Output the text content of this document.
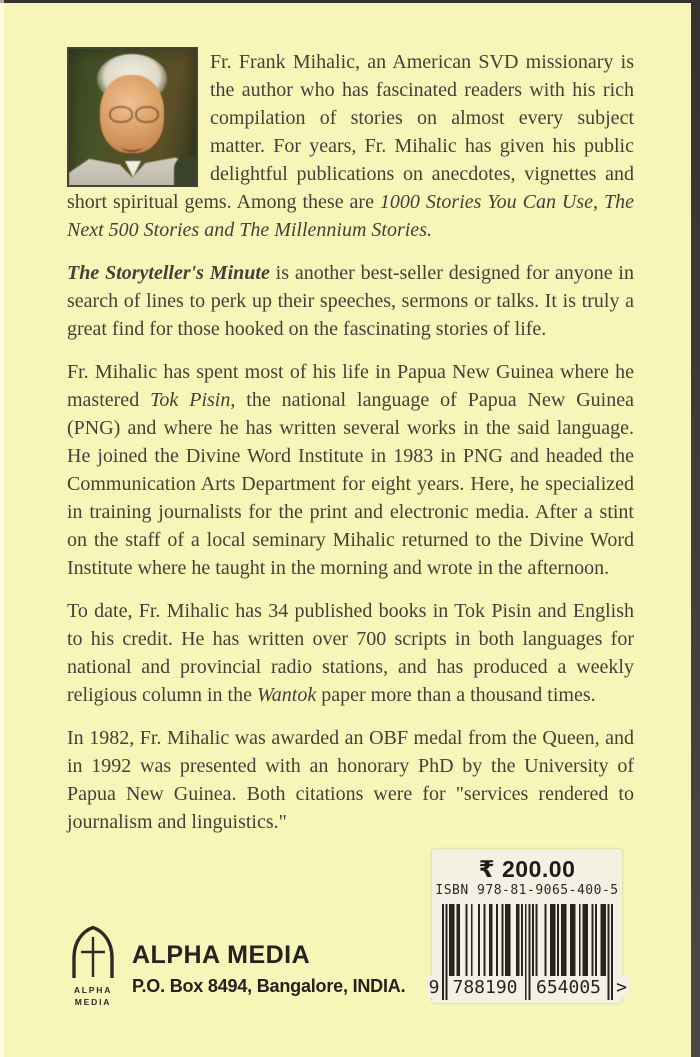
Fr. Frank Mihalic, an American SVD missionary is the author who has fascinated readers with his rich compilation of stories on almost every subject matter. For years, Fr. Mihalic has given his public delightful publications on anecdotes, vignettes and short spiritual gems. Among these are 1000 Stories You Can Use, The Next 500 Stories and The Millennium Stories.

The Storyteller's Minute is another best-seller designed for anyone in search of lines to perk up their speeches, sermons or talks. It is truly a great find for those hooked on the fascinating stories of life.

Fr. Mihalic has spent most of his life in Papua New Guinea where he mastered Tok Pisin, the national language of Papua New Guinea (PNG) and where he has written several works in the said language. He joined the Divine Word Institute in 1983 in PNG and headed the Communication Arts Department for eight years. Here, he specialized in training journalists for the print and electronic media. After a stint on the staff of a local seminary Mihalic returned to the Divine Word Institute where he taught in the morning and wrote in the afternoon.

To date, Fr. Mihalic has 34 published books in Tok Pisin and English to his credit. He has written over 700 scripts in both languages for national and provincial radio stations, and has produced a weekly religious column in the Wantok paper more than a thousand times.

In 1982, Fr. Mihalic was awarded an OBF medal from the Queen, and in 1992 was presented with an honorary PhD by the University of Papua New Guinea. Both citations were for "services rendered to journalism and linguistics."

₹ 200.00
ISBN 978-81-9065-400-5
9 788190	654005 >
ALPHA
MEDIA
ALPHA MEDIA
P.O. Box 8494, Bangalore, INDIA.
